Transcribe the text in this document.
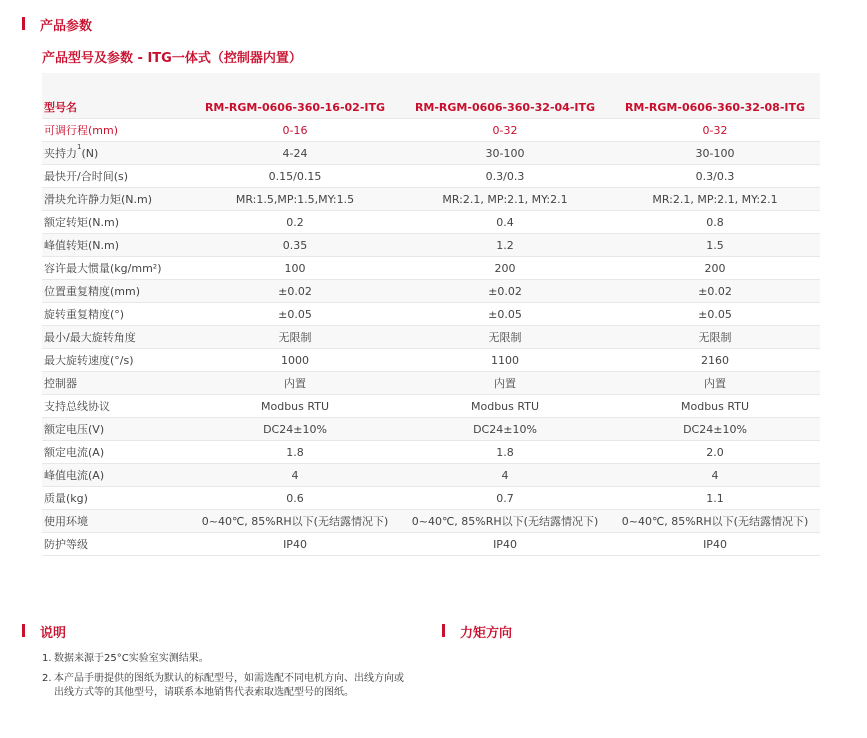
产品参数
产品型号及参数 - ITG一体式（控制器内置）
型号名	RM-RGM-0606-360-16-02-ITG	RM-RGM-0606-360-32-04-ITG	RM-RGM-0606-360-32-08-ITG
可调行程(mm)	0-16	0-32	0-32
夹持力$^1$(N)	4-24	30-100	30-100
最快开/合时间(s)	0.15/0.15	0.3/0.3	0.3/0.3
滑块允许静力矩(N.m)	MR:1.5,MP:1.5,MY:1.5	MR:2.1, MP:2.1, MY:2.1	MR:2.1, MP:2.1, MY:2.1
额定转矩(N.m)	0.2	0.4	0.8
峰值转矩(N.m)	0.35	1.2	1.5
容许最大惯量(kg/mm²)	100	200	200
位置重复精度(mm)	±0.02	±0.02	±0.02
旋转重复精度(°)	±0.05	±0.05	±0.05
最小/最大旋转角度	无限制	无限制	无限制
最大旋转速度(°/s)	1000	1100	2160
控制器	内置	内置	内置
支持总线协议	Modbus RTU	Modbus RTU	Modbus RTU
额定电压(V)	DC24±10%	DC24±10%	DC24±10%
额定电流(A)	1.8	1.8	2.0
峰值电流(A)	4	4	4
质量(kg)	0.6	0.7	1.1
使用环境	0~40℃, 85%RH以下(无结露情况下)	0~40℃, 85%RH以下(无结露情况下)	0~40℃, 85%RH以下(无结露情况下)
防护等级	IP40	IP40	IP40
说明	力矩方向
1. 数据来源于25°C实验室实测结果。
2. 本产品手册提供的图纸为默认的标配型号，如需选配不同电机方向、出线方向或出线方式等的其他型号，请联系本地销售代表索取选配型号的图纸。
